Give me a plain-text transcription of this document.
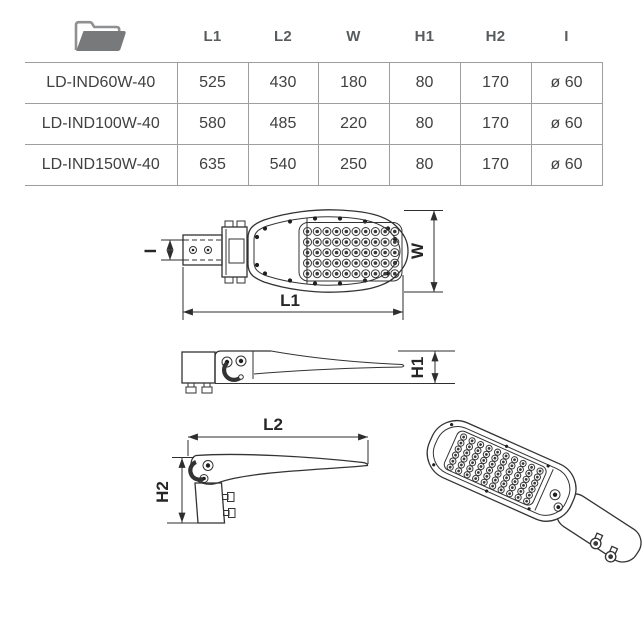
	L1	L2	W	H1	H2	I
LD-IND60W-40	525	430	180	80	170	ø 60
LD-IND100W-40	580	485	220	80	170	ø 60
LD-IND150W-40	635	540	250	80	170	ø 60
I	W
L1
H1
L2
H2
